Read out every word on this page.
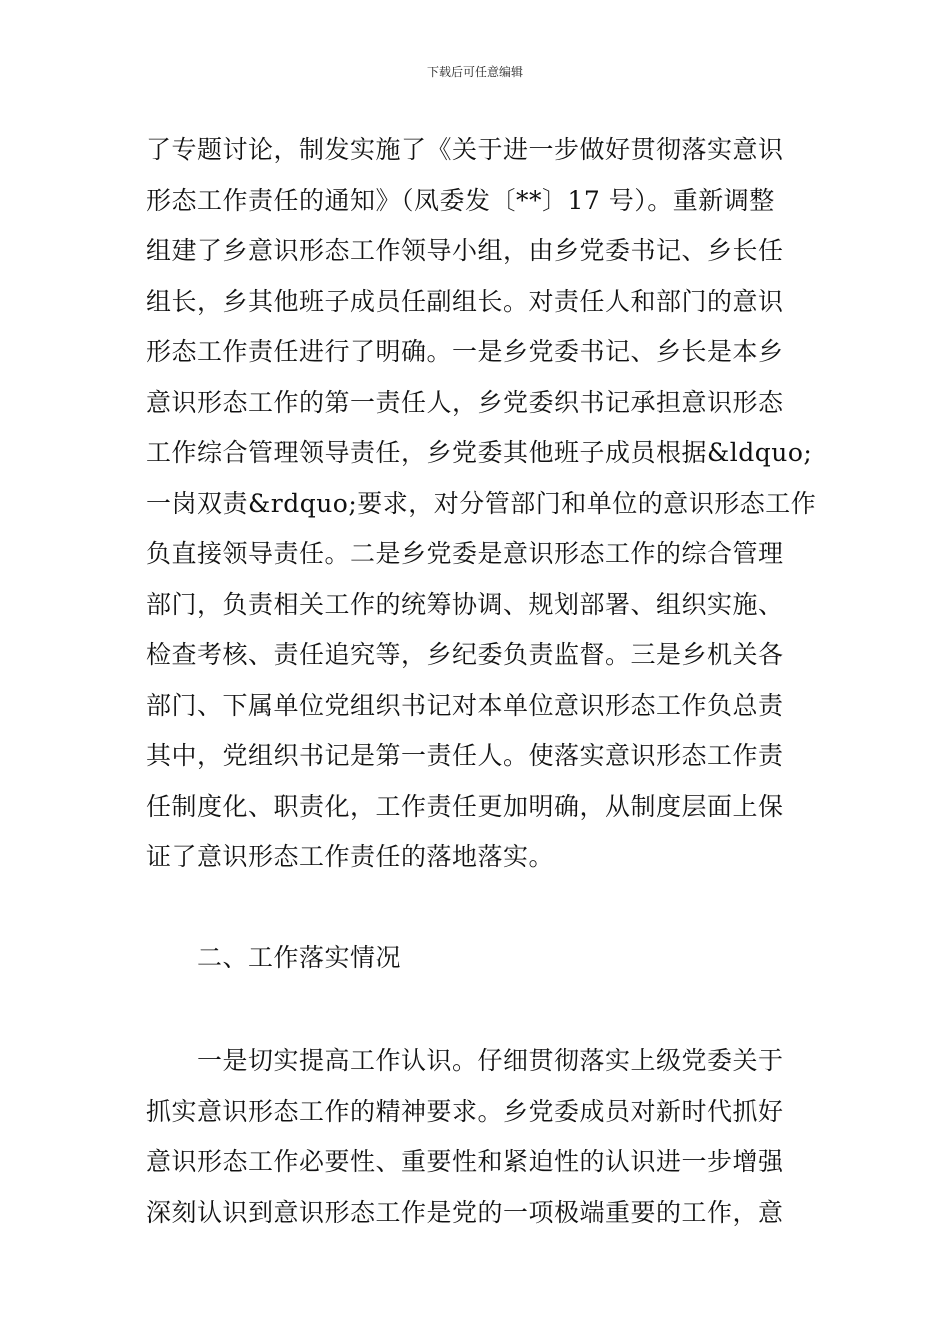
下载后可任意编辑
了专题讨论，制发实施了《关于进一步做好贯彻落实意识
形态工作责任的通知》（凤委发〔**〕17 号）。重新调整
组建了乡意识形态工作领导小组，由乡党委书记、乡长任
组长，乡其他班子成员任副组长。对责任人和部门的意识
形态工作责任进行了明确。一是乡党委书记、乡长是本乡
意识形态工作的第一责任人，乡党委织书记承担意识形态
工作综合管理领导责任，乡党委其他班子成员根据&ldquo;
一岗双责&rdquo;要求，对分管部门和单位的意识形态工作
负直接领导责任。二是乡党委是意识形态工作的综合管理
部门，负责相关工作的统筹协调、规划部署、组织实施、
检查考核、责任追究等，乡纪委负责监督。三是乡机关各
部门、下属单位党组织书记对本单位意识形态工作负总责
其中，党组织书记是第一责任人。使落实意识形态工作责
任制度化、职责化，工作责任更加明确，从制度层面上保
证了意识形态工作责任的落地落实。
　　二、工作落实情况
　　一是切实提高工作认识。仔细贯彻落实上级党委关于
抓实意识形态工作的精神要求。乡党委成员对新时代抓好
意识形态工作必要性、重要性和紧迫性的认识进一步增强
深刻认识到意识形态工作是党的一项极端重要的工作，意
